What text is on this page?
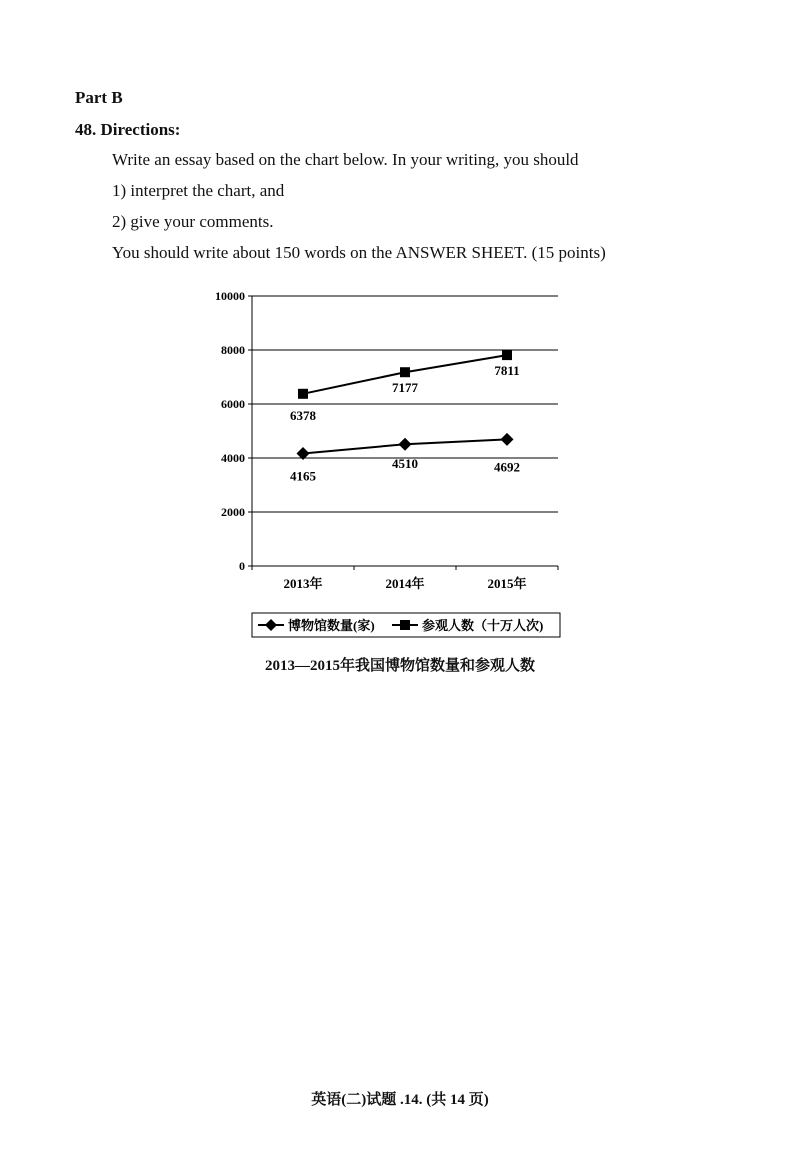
Part B
48. Directions:
Write an essay based on the chart below. In your writing, you should
1) interpret the chart, and
2) give your comments.
You should write about 150 words on the ANSWER SHEET. (15 points)
0
2000
4000
6000
8000
10000
2013年	2014年	2015年
4165
4510	4692
6378
7177
7811
博物馆数量(家)	参观人数（十万人次)
2013—2015年我国博物馆数量和参观人数
英语(二)试题 .14. (共 14 页)
